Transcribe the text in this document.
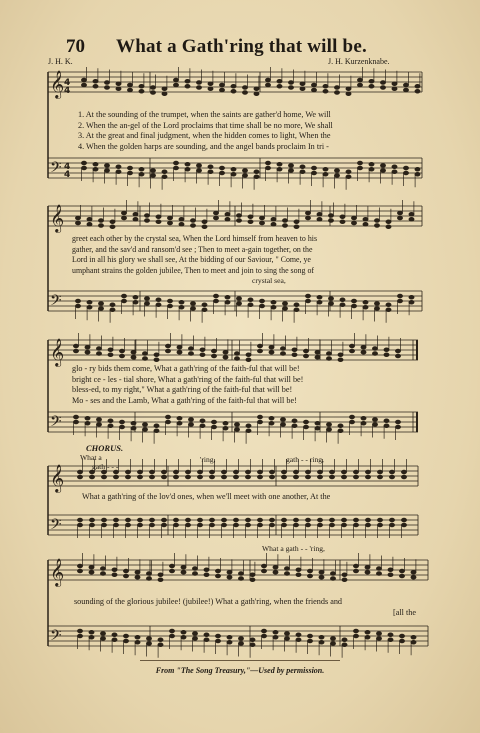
70 What a Gath'ring that will be.
J. H. K.	J. H. Kurzenknabe.
𝄞
𝄢
𝄞
𝄢
𝄞
𝄢
𝄞
𝄢
𝄞
𝄢
4
4
4
4
1. At the sounding of the trumpet, when the saints are gather'd home, We will
2. When the an-gel of the Lord proclaims that time shall be no more, We shall
3. At the great and final judgment, when the hidden comes to light, When the
4. When the golden harps are sounding, and the angel bands proclaim In tri -
greet each other by the crystal sea, When the Lord himself from heaven to his
gather, and the sav'd and ransom'd see ; Then to meet a-gain together, on the
Lord in all his glory we shall see, At the bidding of our Saviour, " Come, ye
umphant strains the golden jubilee, Then to meet and join to sing the song of
crystal sea,
glo - ry bids them come, What a gath'ring of the faith-ful that will be!
bright ce - les - tial shore, What a gath'ring of the faith-ful that will be!
bless-ed, to my right," What a gath'ring of the faith-ful that will be!
Mo - ses and the Lamb, What a gath'ring of the faith-ful that will be!
CHORUS.
What a
gath - - -
'ring,	gath - - ring,
What a gath'ring of the lov'd ones, when we'll meet with one another, At the
What a gath - - 'ring,
sounding of the glorious jubilee! (jubilee!) What a gath'ring, when the friends and
[all the
From "The Song Treasury,"—Used by permission.
